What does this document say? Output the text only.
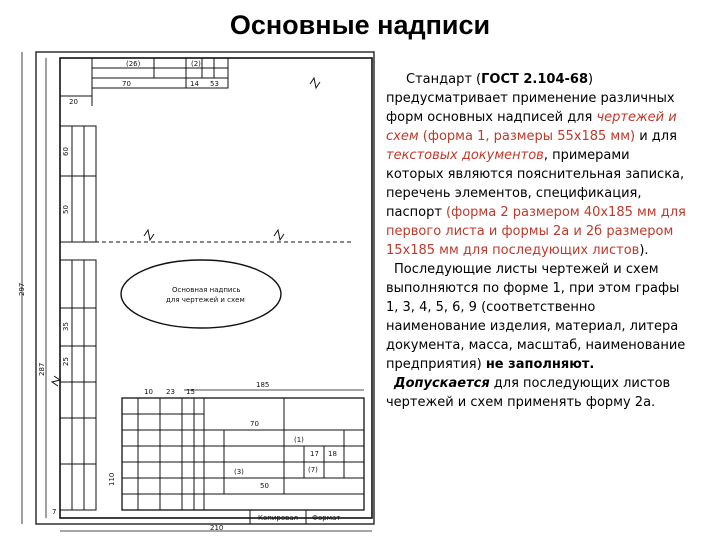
Основные надписи
(26)	(2)
20
70	14 53
297
287
60
50
35
25
7
10 23 15
185
70
110	50
17 18
210
(1)
(3)	(7)
Основная надпись
для чертежей и схем
Копировал Формат

Стандарт (ГОСТ 2.104-68) предусматривает применение различных форм основных надписей для чертежей и схем (форма 1, размеры 55х185 мм) и для текстовых документов, примерами которых являются пояснительная записка, перечень элементов, спецификация, паспорт (форма 2 размером 40х185 мм для первого листа и формы 2а и 2б размером 15х185 мм для последующих листов).

Последующие листы чертежей и схем выполняются по форме 1, при этом графы 1, 3, 4, 5, 6, 9 (соответственно наименование изделия, материал, литера документа, масса, масштаб, наименование предприятия) не заполняют.

Допускается для последующих листов чертежей и схем применять форму 2а.
